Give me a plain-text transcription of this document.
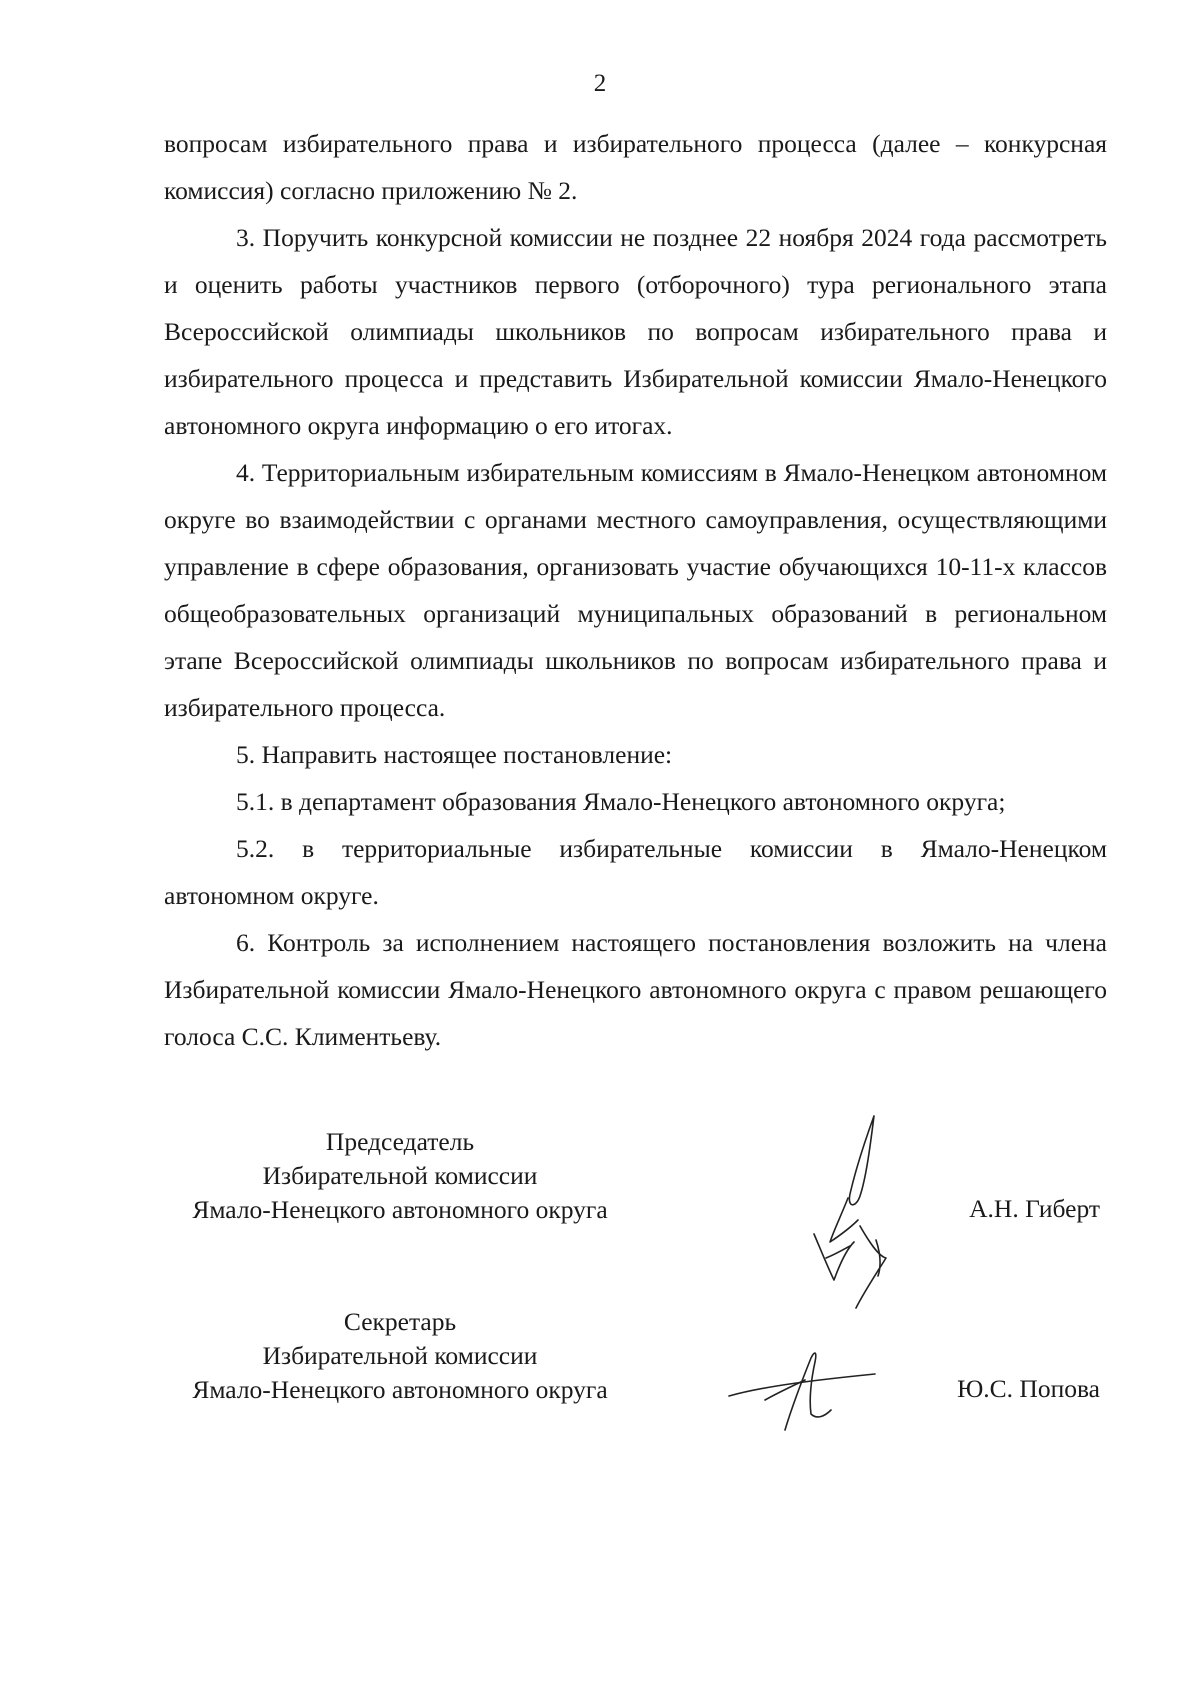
2

вопросам избирательного права и избирательного процесса (далее – конкурсная комиссия) согласно приложению № 2.

3. Поручить конкурсной комиссии не позднее 22 ноября 2024 года рассмотреть и оценить работы участников первого (отборочного) тура регионального этапа Всероссийской олимпиады школьников по вопросам избирательного права и избирательного процесса и представить Избирательной комиссии Ямало-Ненецкого автономного округа информацию о его итогах.

4. Территориальным избирательным комиссиям в Ямало-Ненецком автономном округе во взаимодействии с органами местного самоуправления, осуществляющими управление в сфере образования, организовать участие обучающихся 10-11-х классов общеобразовательных организаций муниципальных образований в региональном этапе Всероссийской олимпиады школьников по вопросам избирательного права и избирательного процесса.

5. Направить настоящее постановление:

5.1. в департамент образования Ямало-Ненецкого автономного округа;

5.2. в территориальные избирательные комиссии в Ямало-Ненецком автономном округе.

6. Контроль за исполнением настоящего постановления возложить на члена Избирательной комиссии Ямало-Ненецкого автономного округа с правом решающего голоса С.С. Климентьеву.

Председатель
Избирательной комиссии
Ямало-Ненецкого автономного округа	А.Н. Гиберт
Секретарь
Избирательной комиссии
Ямало-Ненецкого автономного округа	Ю.С. Попова
